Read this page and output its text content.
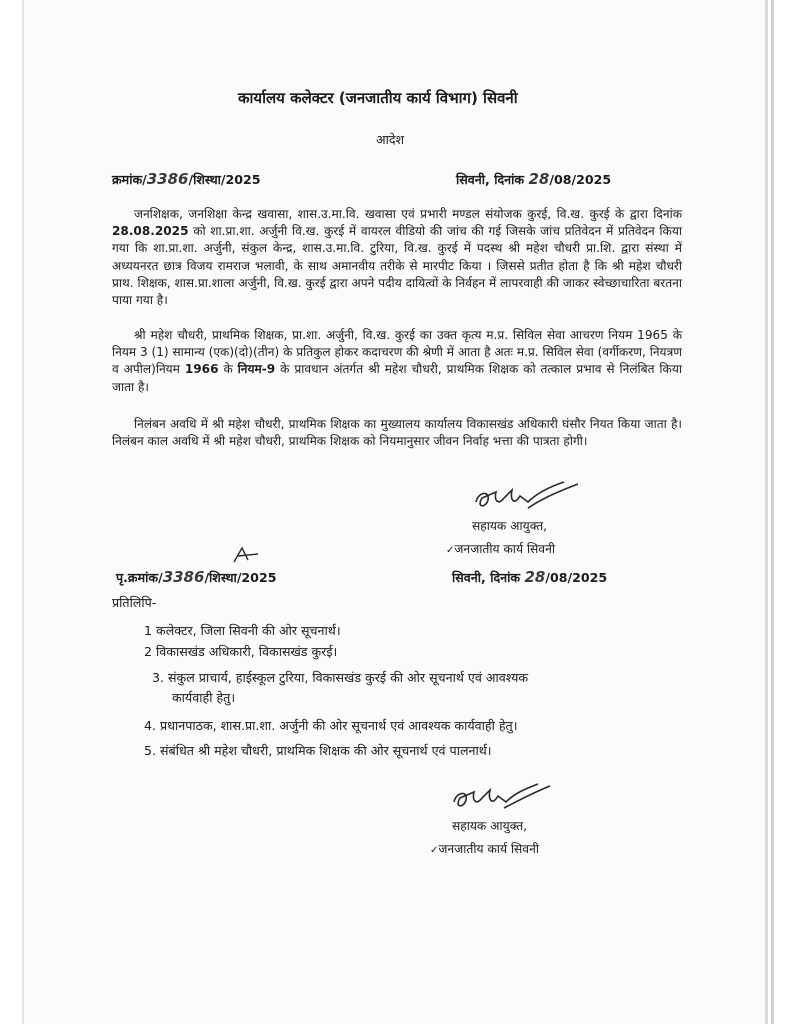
कार्यालय कलेक्टर (जनजातीय कार्य विभाग) सिवनी
आदेश
क्रमांक/3386/शिस्था/2025	सिवनी, दिनांक 28/08/2025
जनशिक्षक, जनशिक्षा केन्द्र खवासा, शास.उ.मा.वि. खवासा एवं प्रभारी मण्डल संयोजक कुरई, वि.ख. कुरई के द्वारा दिनांक 28.08.2025 को शा.प्रा.शा. अर्जुनी वि.ख. कुरई में वायरल वीडियो की जांच की गई जिसके जांच प्रतिवेदन में प्रतिवेदन किया गया कि शा.प्रा.शा. अर्जुनी, संकुल केन्द्र, शास.उ.मा.वि. टुरिया, वि.ख. कुरई में पदस्थ श्री महेश चौधरी प्रा.शि. द्वारा संस्था में अध्ययनरत छात्र विजय रामराज भलावी, के साथ अमानवीय तरीके से मारपीट किया । जिससे प्रतीत होता है कि श्री महेश चौधरी प्राथ. शिक्षक, शास.प्रा.शाला अर्जुनी, वि.ख. कुरई द्वारा अपने पदीय दायित्वों के निर्वहन में लापरवाही की जाकर स्वेच्छाचारिता बरतना पाया गया है।
श्री महेश चौधरी, प्राथमिक शिक्षक, प्रा.शा. अर्जुनी, वि.ख. कुरई का उक्त कृत्य म.प्र. सिविल सेवा आचरण नियम 1965 के नियम 3 (1) सामान्य (एक)(दो)(तीन) के प्रतिकुल होकर कदाचरण की श्रेणी में आता है अतः म.प्र. सिविल सेवा (वर्गीकरण, नियत्रण व अपील)नियम 1966 के नियम-9 के प्रावधान अंतर्गत श्री महेश चौधरी, प्राथमिक शिक्षक को तत्काल प्रभाव से निलंबित किया जाता है।
निलंबन अवधि में श्री महेश चौधरी, प्राथमिक शिक्षक का मुख्यालय कार्यालय विकासखंड अधिकारी घंसौर नियत किया जाता है। निलंबन काल अवधि में श्री महेश चौधरी, प्राथमिक शिक्षक को नियमानुसार जीवन निर्वाह भत्ता की पात्रता होगी।
सहायक आयुक्त,
✓जनजातीय कार्य सिवनी
पृ.क्रमांक/3386/शिस्था/2025	सिवनी, दिनांक 28/08/2025
प्रतिलिपि-
1 कलेक्टर, जिला सिवनी की ओर सूचनार्थ।
2 विकासखंड अधिकारी, विकासखंड कुरई।
3. संकुल प्राचार्य, हाईस्कूल टुरिया, विकासखंड कुरई की ओर सूचनार्थ एवं आवश्यक
कार्यवाही हेतु।
4. प्रधानपाठक, शास.प्रा.शा. अर्जुनी की ओर सूचनार्थ एवं आवश्यक कार्यवाही हेतु।
5. संबंधित श्री महेश चौधरी, प्राथमिक शिक्षक की ओर सूचनार्थ एवं पालनार्थ।
सहायक आयुक्त,
✓जनजातीय कार्य सिवनी
